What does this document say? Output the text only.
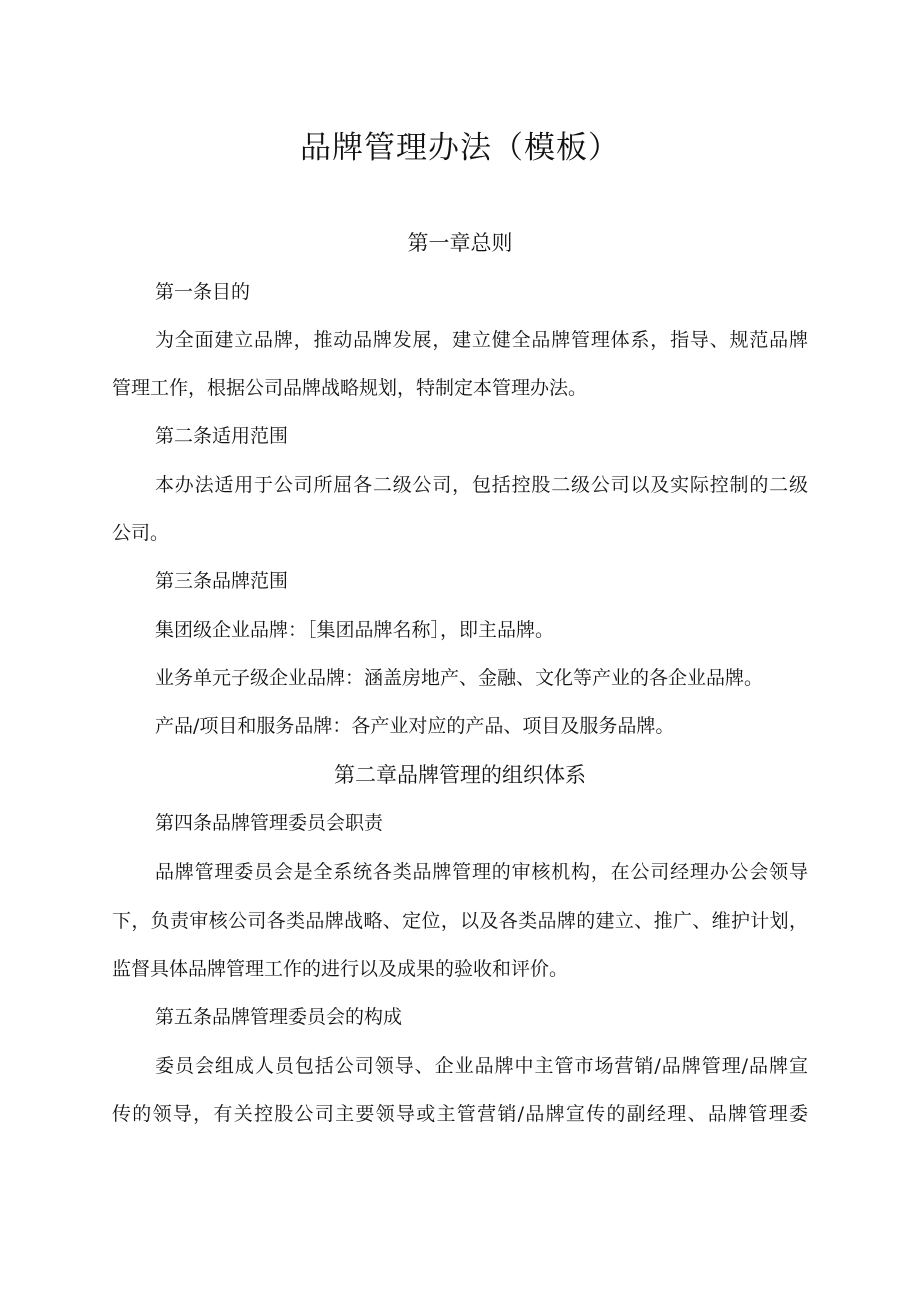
品牌管理办法（模板）
第一章总则

第一条目的

为全面建立品牌，推动品牌发展，建立健全品牌管理体系，指导、规范品牌

管理工作，根据公司品牌战略规划，特制定本管理办法。

第二条适用范围

本办法适用于公司所屈各二级公司，包括控股二级公司以及实际控制的二级

公司。

第三条品牌范围

集团级企业品牌：［集团品牌名称］，即主品牌。

业务单元子级企业品牌：涵盖房地产、金融、文化等产业的各企业品牌。

产品/项目和服务品牌：各产业对应的产品、项目及服务品牌。

第二章品牌管理的组织体系

第四条品牌管理委员会职责

品牌管理委员会是全系统各类品牌管理的审核机构，在公司经理办公会领导

下，负责审核公司各类品牌战略、定位，以及各类品牌的建立、推广、维护计划，

监督具体品牌管理工作的进行以及成果的验收和评价。

第五条品牌管理委员会的构成

委员会组成人员包括公司领导、企业品牌中主管市场营销/品牌管理/品牌宣

传的领导，有关控股公司主要领导或主管营销/品牌宣传的副经理、品牌管理委
